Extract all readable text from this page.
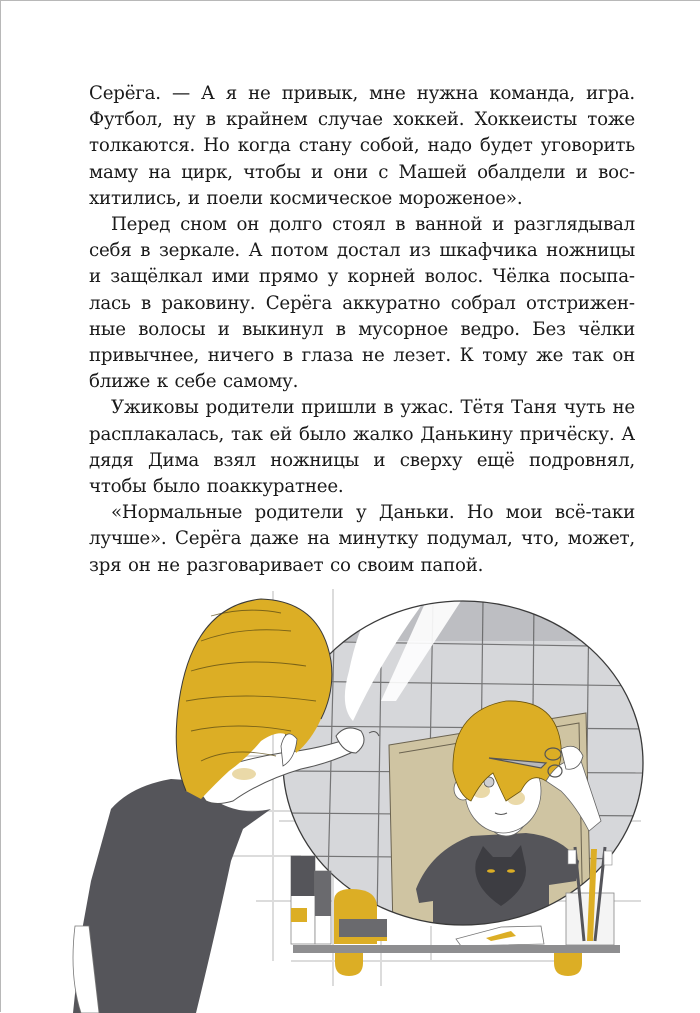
Серёга. — А я не привык, мне нужна команда, игра. Футбол, ну в крайнем случае хоккей. Хоккеисты тоже толкаются. Но когда стану собой, надо будет уговорить маму на цирк, чтобы и они с Машей обалдели и восхитились, и поели космическое мороженое».

Перед сном он долго стоял в ванной и разглядывал себя в зеркале. А потом достал из шкафчика ножницы и защёлкал ими прямо у корней волос. Чёлка посыпалась в раковину. Серёга аккуратно собрал отстриженные волосы и выкинул в мусорное ведро. Без чёлки привычнее, ничего в глаза не лезет. К тому же так он ближе к себе самому.

Ужиковы родители пришли в ужас. Тётя Таня чуть не расплакалась, так ей было жалко Данькину причёску. А дядя Дима взял ножницы и сверху ещё подровнял, чтобы было поаккуратнее.

«Нормальные родители у Даньки. Но мои всё-таки лучше». Серёга даже на минутку подумал, что, может, зря он не разговаривает со своим папой.
